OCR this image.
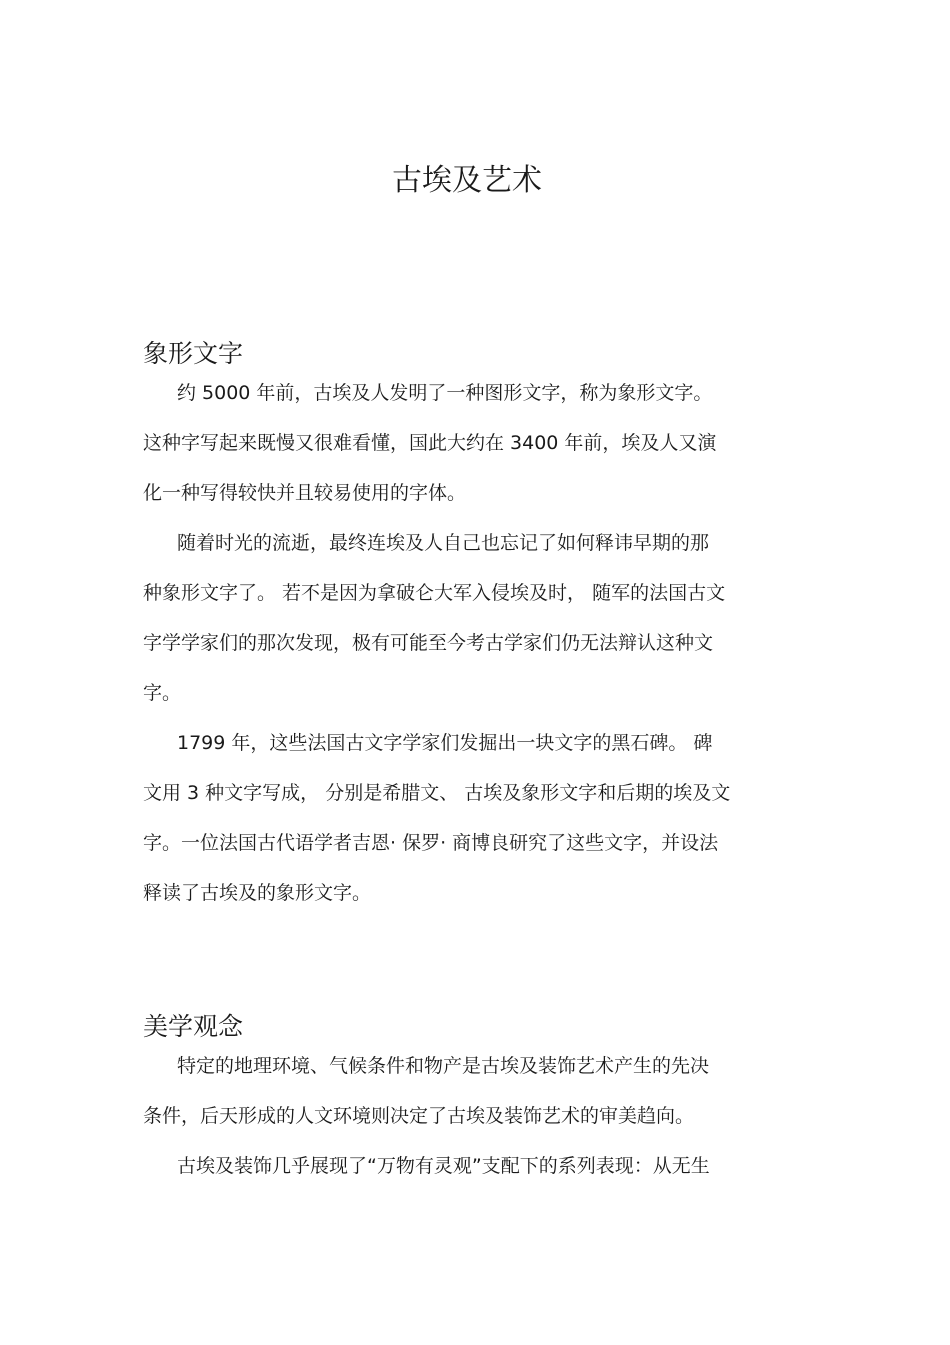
古埃及艺术
象形文字
约 5000 年前，古埃及人发明了一种图形文字，称为象形文字。
这种字写起来既慢又很难看懂，国此大约在 3400 年前，埃及人又演
化一种写得较快并且较易使用的字体。
随着时光的流逝，最终连埃及人自己也忘记了如何释讳早期的那
种象形文字了。 若不是因为拿破仑大军入侵埃及时， 随军的法国古文
字学学家们的那次发现，极有可能至今考古学家们仍无法辩认这种文
字。
1799 年，这些法国古文字学家们发掘出一块文字的黑石碑。 碑
文用 3 种文字写成， 分别是希腊文、 古埃及象形文字和后期的埃及文
字。一位法国古代语学者吉恩· 保罗· 商博良研究了这些文字，并设法
释读了古埃及的象形文字。
美学观念
特定的地理环境、气候条件和物产是古埃及装饰艺术产生的先决
条件，后天形成的人文环境则决定了古埃及装饰艺术的审美趋向。
古埃及装饰几乎展现了“万物有灵观”支配下的系列表现：从无生
